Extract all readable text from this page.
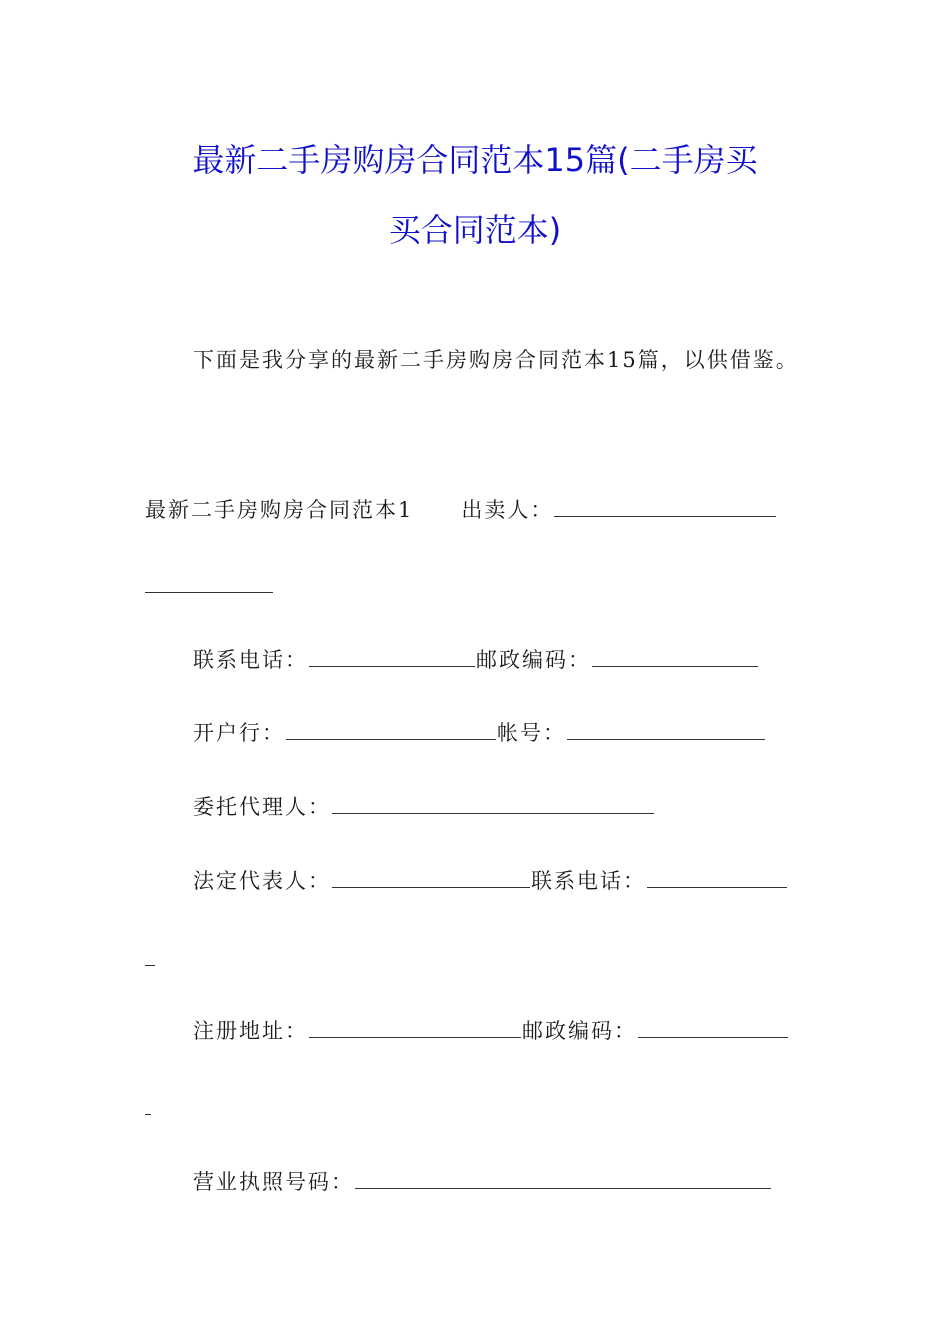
最新二手房购房合同范本15篇(二手房买
买合同范本)
下面是我分享的最新二手房购房合同范本15篇，以供借鉴。
最新二手房购房合同范本1 出卖人：
联系电话：	邮政编码：
开户行：	帐号：
委托代理人：
法定代表人：	联系电话：
注册地址：	邮政编码：
营业执照号码：
